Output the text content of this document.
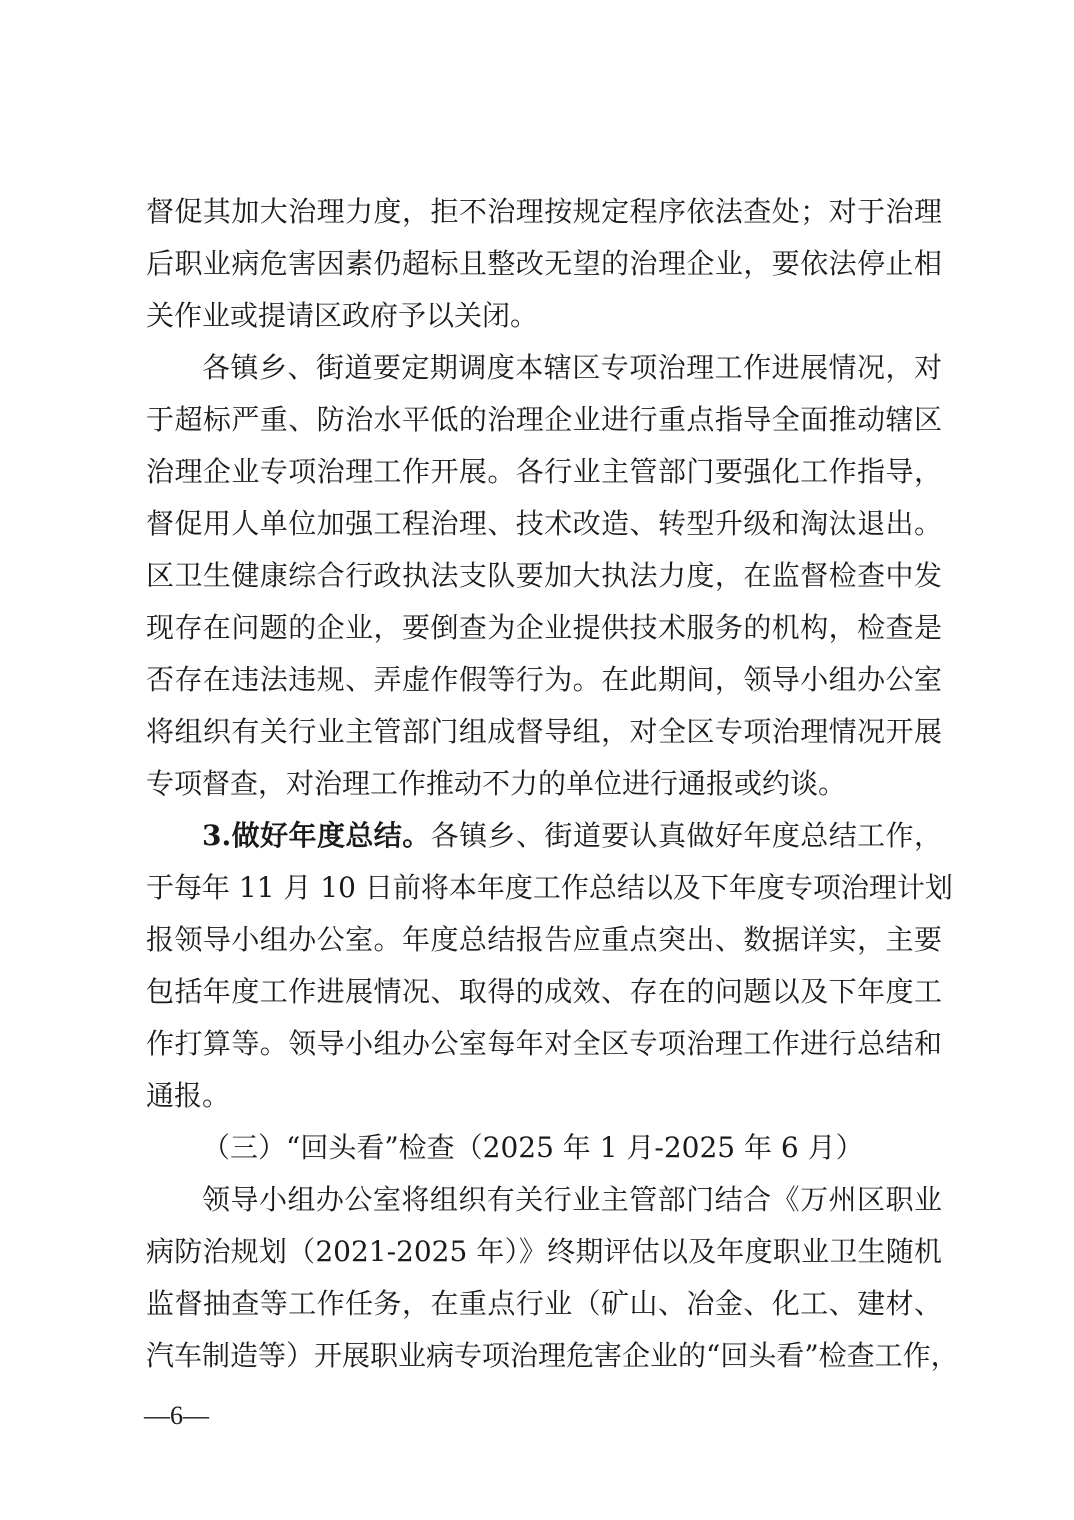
督促其加大治理力度，拒不治理按规定程序依法查处；对于治理
后职业病危害因素仍超标且整改无望的治理企业，要依法停止相
关作业或提请区政府予以关闭。
各镇乡、街道要定期调度本辖区专项治理工作进展情况，对
于超标严重、防治水平低的治理企业进行重点指导全面推动辖区
治理企业专项治理工作开展。各行业主管部门要强化工作指导，
督促用人单位加强工程治理、技术改造、转型升级和淘汰退出。
区卫生健康综合行政执法支队要加大执法力度，在监督检查中发
现存在问题的企业，要倒查为企业提供技术服务的机构，检查是
否存在违法违规、弄虚作假等行为。在此期间，领导小组办公室
将组织有关行业主管部门组成督导组，对全区专项治理情况开展
专项督查，对治理工作推动不力的单位进行通报或约谈。
3.做好年度总结。各镇乡、街道要认真做好年度总结工作，
于每年 11 月 10 日前将本年度工作总结以及下年度专项治理计划
报领导小组办公室。年度总结报告应重点突出、数据详实，主要
包括年度工作进展情况、取得的成效、存在的问题以及下年度工
作打算等。领导小组办公室每年对全区专项治理工作进行总结和
通报。
（三）“回头看”检查（2025 年 1 月-2025 年 6 月）
领导小组办公室将组织有关行业主管部门结合《万州区职业
病防治规划（2021-2025 年）》终期评估以及年度职业卫生随机
监督抽查等工作任务，在重点行业（矿山、冶金、化工、建材、
汽车制造等）开展职业病专项治理危害企业的“回头看”检查工作，
—6—
